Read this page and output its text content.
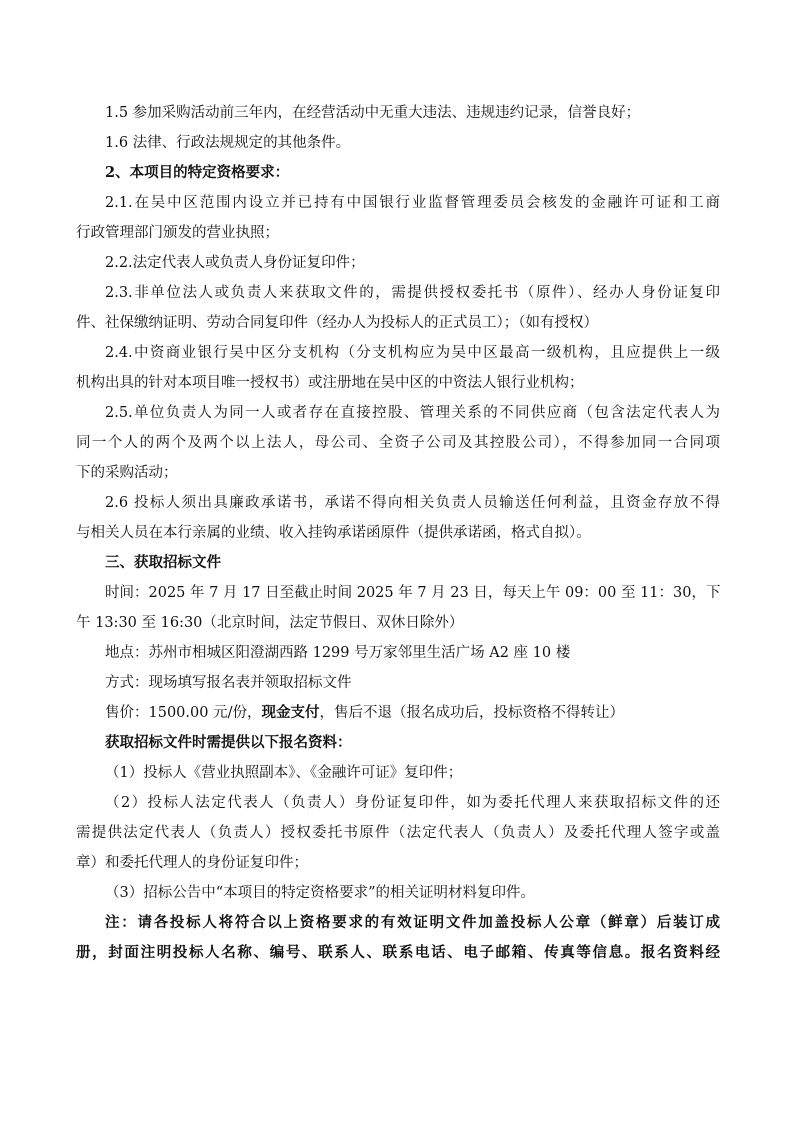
1.5 参加采购活动前三年内，在经营活动中无重大违法、违规违约记录，信誉良好；
1.6 法律、行政法规规定的其他条件。
2、本项目的特定资格要求：
2.1.在吴中区范围内设立并已持有中国银行业监督管理委员会核发的金融许可证和工商
行政管理部门颁发的营业执照；
2.2.法定代表人或负责人身份证复印件；
2.3.非单位法人或负责人来获取文件的，需提供授权委托书（原件）、经办人身份证复印
件、社保缴纳证明、劳动合同复印件（经办人为投标人的正式员工）；（如有授权）
2.4.中资商业银行吴中区分支机构（分支机构应为吴中区最高一级机构，且应提供上一级
机构出具的针对本项目唯一授权书）或注册地在吴中区的中资法人银行业机构；
2.5.单位负责人为同一人或者存在直接控股、管理关系的不同供应商（包含法定代表人为
同一个人的两个及两个以上法人，母公司、全资子公司及其控股公司），不得参加同一合同项
下的采购活动；
2.6 投标人须出具廉政承诺书，承诺不得向相关负责人员输送任何利益，且资金存放不得
与相关人员在本行亲属的业绩、收入挂钩承诺函原件（提供承诺函，格式自拟）。
三、获取招标文件
时间：2025 年 7 月 17 日至截止时间 2025 年 7 月 23 日，每天上午 09：00 至 11：30，下
午 13:30 至 16:30（北京时间，法定节假日、双休日除外）
地点：苏州市相城区阳澄湖西路 1299 号万家邻里生活广场 A2 座 10 楼
方式：现场填写报名表并领取招标文件
售价：1500.00 元/份，现金支付，售后不退（报名成功后，投标资格不得转让）
获取招标文件时需提供以下报名资料：
（1）投标人《营业执照副本》、《金融许可证》复印件；
（2）投标人法定代表人（负责人）身份证复印件，如为委托代理人来获取招标文件的还
需提供法定代表人（负责人）授权委托书原件（法定代表人（负责人）及委托代理人签字或盖
章）和委托代理人的身份证复印件；
（3）招标公告中“本项目的特定资格要求”的相关证明材料复印件。
注：请各投标人将符合以上资格要求的有效证明文件加盖投标人公章（鲜章）后装订成
册，封面注明投标人名称、编号、联系人、联系电话、电子邮箱、传真等信息。报名资料经
